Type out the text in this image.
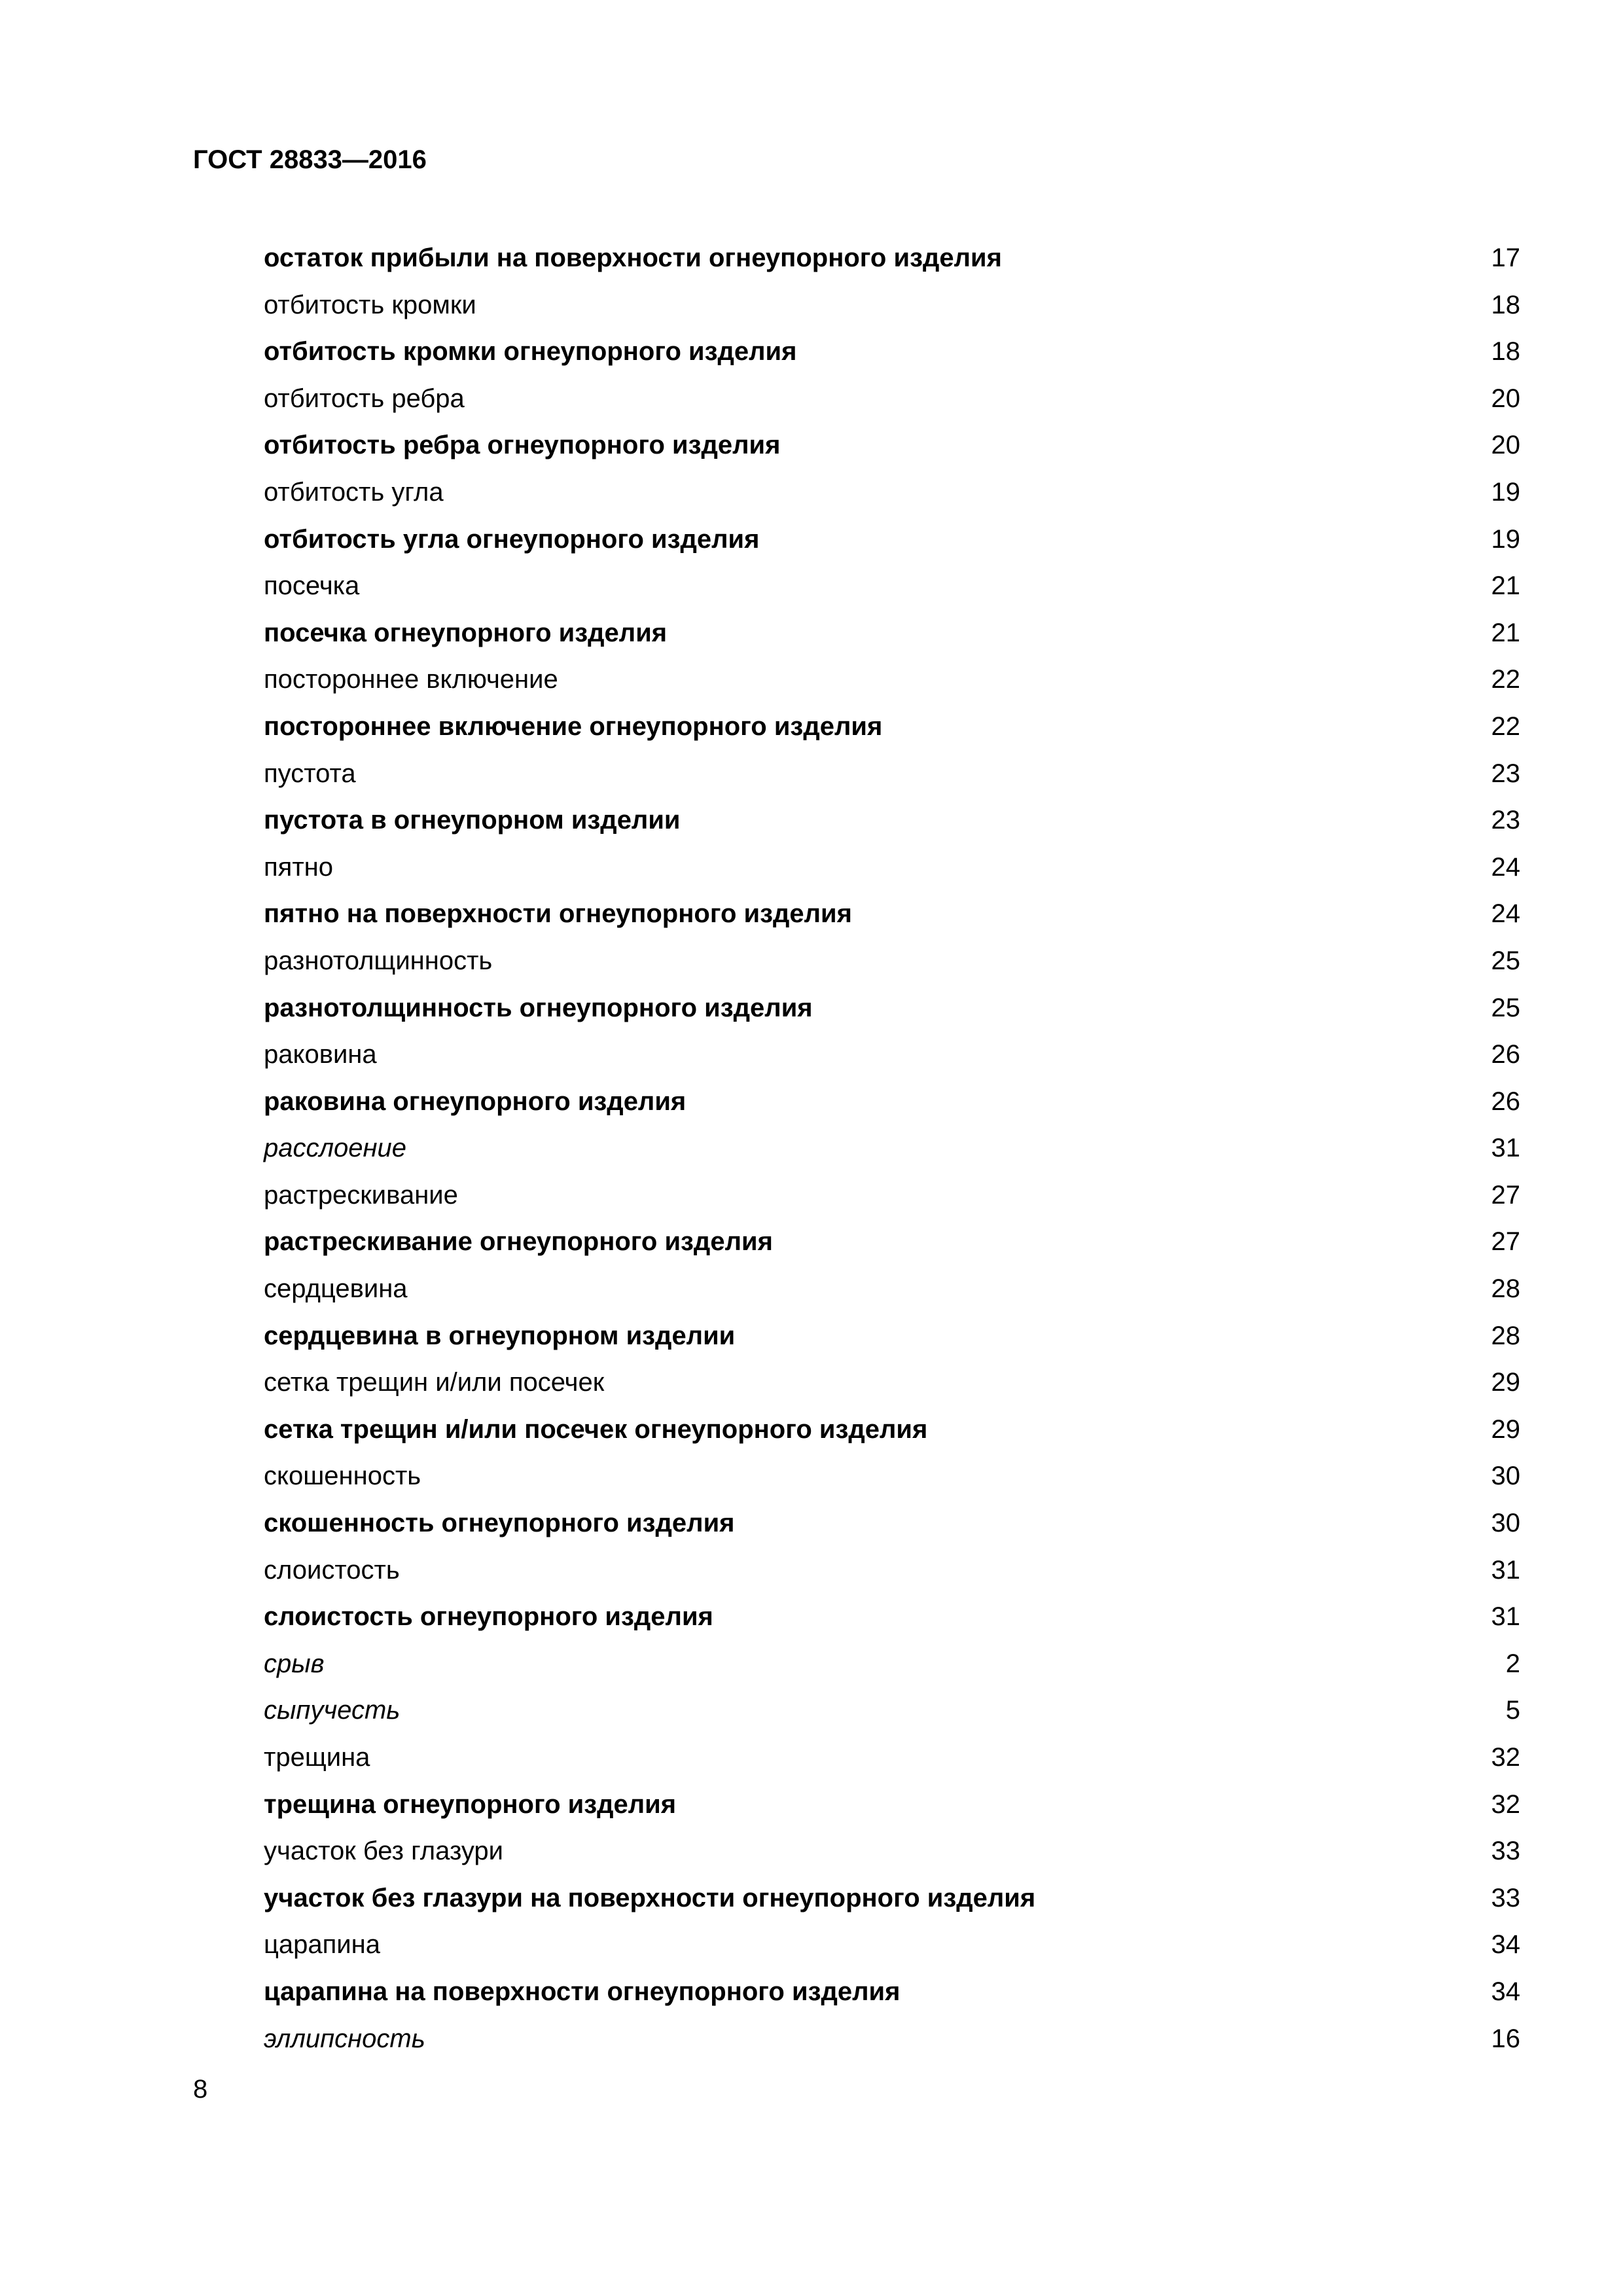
ГОСТ 28833—2016
остаток прибыли на поверхности огнеупорного изделия	17
отбитость кромки	18
отбитость кромки огнеупорного изделия	18
отбитость ребра	20
отбитость ребра огнеупорного изделия	20
отбитость угла	19
отбитость угла огнеупорного изделия	19
посечка	21
посечка огнеупорного изделия	21
постороннее включение	22
постороннее включение огнеупорного изделия	22
пустота	23
пустота в огнеупорном изделии	23
пятно	24
пятно на поверхности огнеупорного изделия	24
разнотолщинность	25
разнотолщинность огнеупорного изделия	25
раковина	26
раковина огнеупорного изделия	26
расслоение	31
растрескивание	27
растрескивание огнеупорного изделия	27
сердцевина	28
сердцевина в огнеупорном изделии	28
сетка трещин и/или посечек	29
сетка трещин и/или посечек огнеупорного изделия	29
скошенность	30
скошенность огнеупорного изделия	30
слоистость	31
слоистость огнеупорного изделия	31
срыв	2
сыпучесть	5
трещина	32
трещина огнеупорного изделия	32
участок без глазури	33
участок без глазури на поверхности огнеупорного изделия	33
царапина	34
царапина на поверхности огнеупорного изделия	34
эллипсность	16
8
